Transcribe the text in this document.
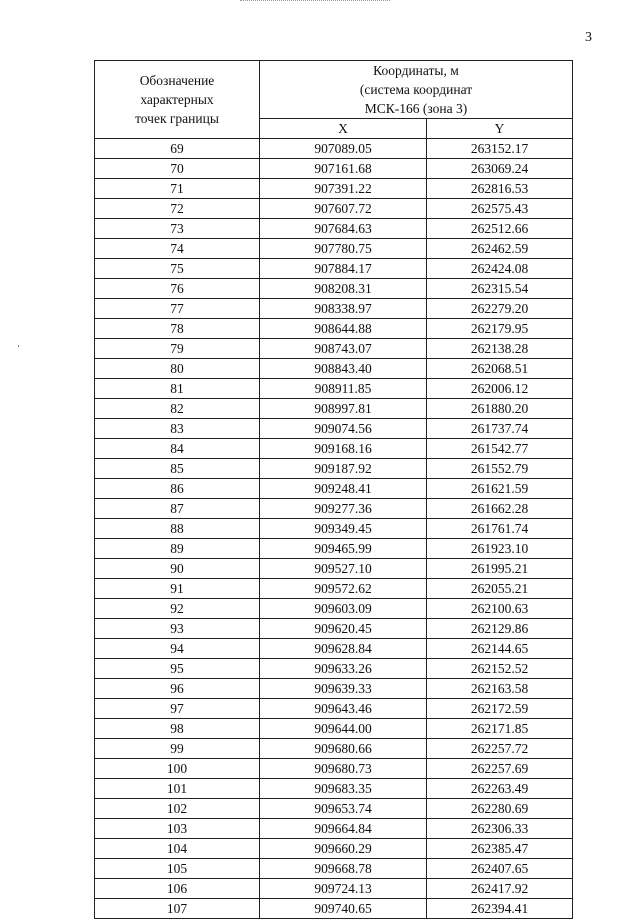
3
Обозначение
характерных
точек границы	Координаты, м
(система координат
МСК-166 (зона 3)	

	X	Y
69	907089.05	263152.17
70	907161.68	263069.24
71	907391.22	262816.53
72	907607.72	262575.43
73	907684.63	262512.66
74	907780.75	262462.59
75	907884.17	262424.08
76	908208.31	262315.54
77	908338.97	262279.20
78	908644.88	262179.95
79	908743.07	262138.28
80	908843.40	262068.51
81	908911.85	262006.12
82	908997.81	261880.20
83	909074.56	261737.74
84	909168.16	261542.77
85	909187.92	261552.79
86	909248.41	261621.59
87	909277.36	261662.28
88	909349.45	261761.74
89	909465.99	261923.10
90	909527.10	261995.21
91	909572.62	262055.21
92	909603.09	262100.63
93	909620.45	262129.86
94	909628.84	262144.65
95	909633.26	262152.52
96	909639.33	262163.58
97	909643.46	262172.59
98	909644.00	262171.85
99	909680.66	262257.72
100	909680.73	262257.69
101	909683.35	262263.49
102	909653.74	262280.69
103	909664.84	262306.33
104	909660.29	262385.47
105	909668.78	262407.65
106	909724.13	262417.92
107	909740.65	262394.41
